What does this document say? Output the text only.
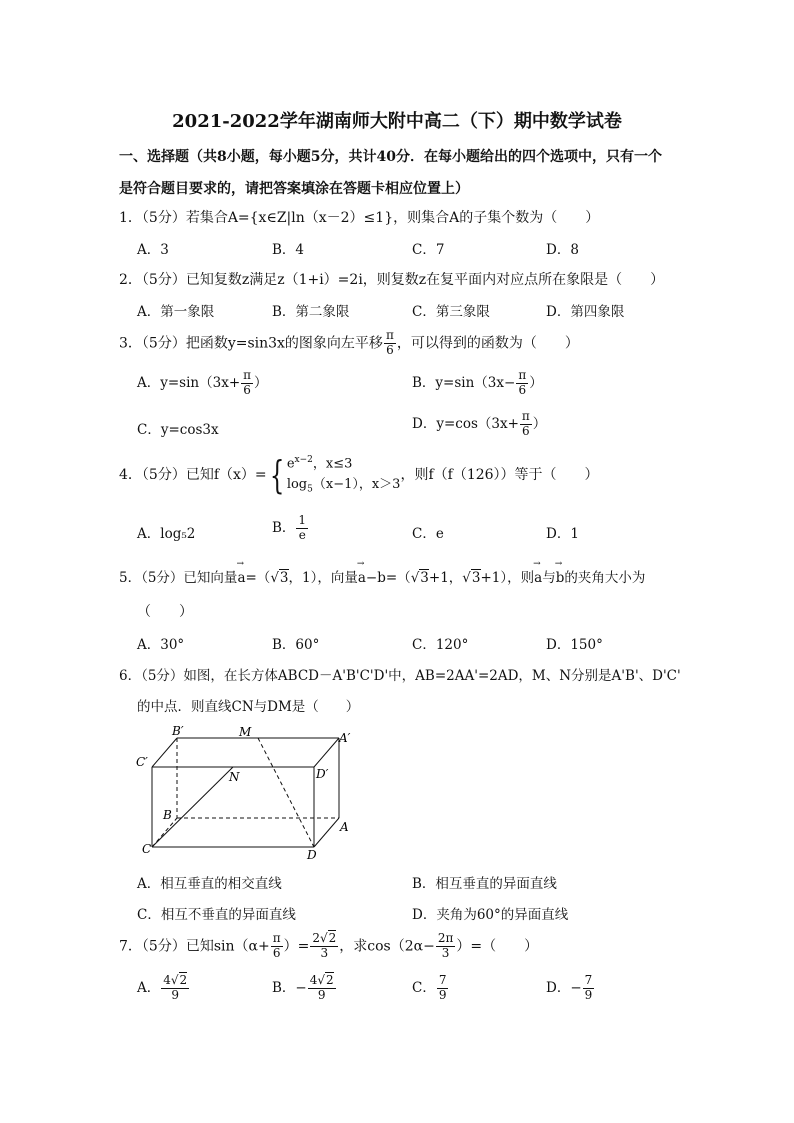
2021-2022学年湖南师大附中高二（下）期中数学试卷
一、选择题（共8小题，每小题5分，共计40分．在每小题给出的四个选项中，只有一个
是符合题目要求的，请把答案填涂在答题卡相应位置上）
1．（5分）若集合A={x∈Z|ln（x－2）≤1}，则集合A的子集个数为（　　）
A．3	B．4	C．7	D．8
2．（5分）已知复数z满足z（1+i）=2i，则复数z在复平面内对应点所在象限是（　　）
A．第一象限	B．第二象限	C．第三象限	D．第四象限
3．（5分）把函数y=sin3x的图象向左平移 $\frac{\pi}{6}$ ，可以得到的函数为（　　）
A．$y=\sin(3x+ \frac{\pi}{6}$ ）	B．$y=\sin(3x- \frac{\pi}{6}$ ）
C．y=cos3x	D．$y=\cos(3x+ \frac{\pi}{6}$ ）
4．（5分）已知f（x）={ $e^{x-2}$，x≤3
$\log_5(x-1)$，x＞3
，则f（f（126））等于（　　）
A．log₅2	B． $\frac{1}{e}$	C．e	D．1
5．（5分）已知向量→ a=（√3，1），向量→ a−b=（√3+1，√3+1），则→ a与→ b的夹角大小为
（　　）
A．30°	B．60°	C．120°	D．150°
6．（5分）如图，在长方体ABCD－A'B'C'D'中，AB=2AA'=2AD，M、N分别是A'B'、D'C'
的中点．则直线CN与DM是（　　）
B′	M	A′
C′
N	D′
B
A
C	D
A．相互垂直的相交直线	B．相互垂直的异面直线
C．相互不垂直的异面直线	D．夹角为60°的异面直线
7．（5分）已知$\sin(\alpha+ \frac{\pi}{6}$ ）= $\frac{2√2}{3}$ ，求$\cos(2\alpha- \frac{2\pi}{3}$ ）=（　　）
A． $\frac{4√2}{9}$	B．− $\frac{4√2}{9}$	C． $\frac{7}{9}$	D．− $\frac{7}{9}$
